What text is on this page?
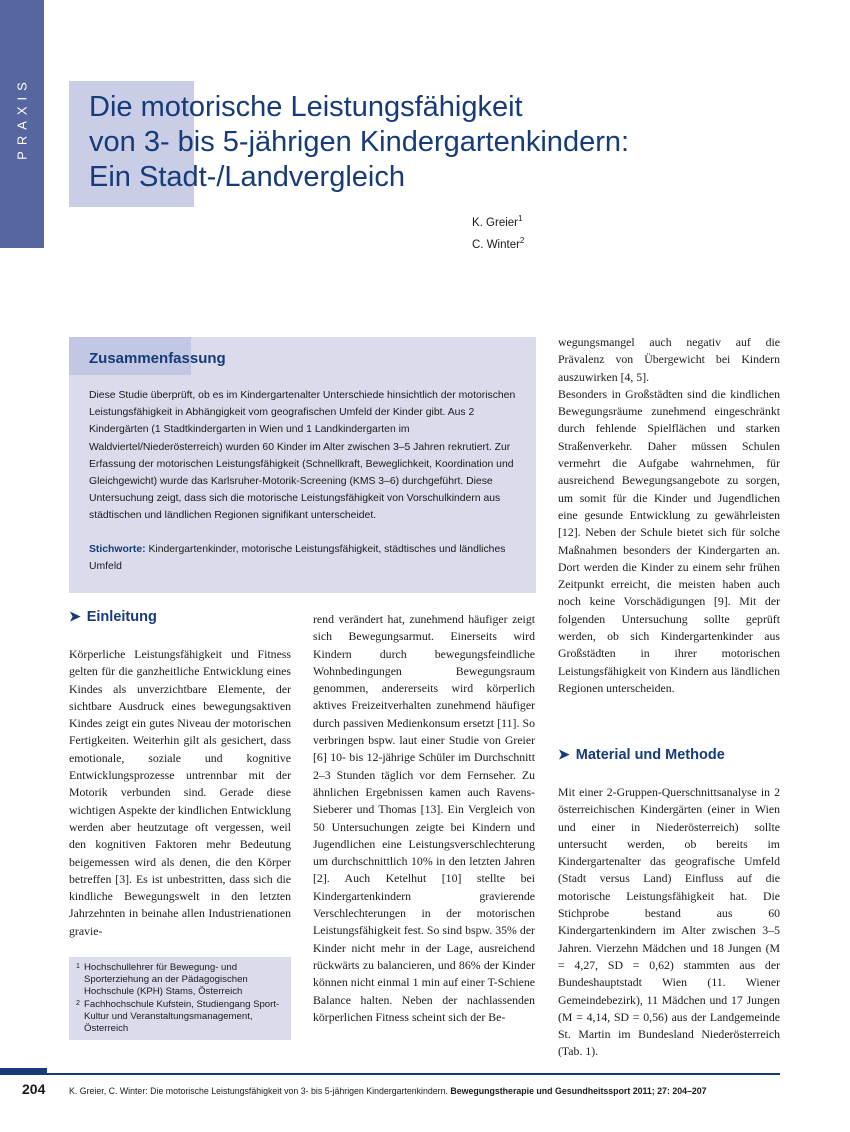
PRAXIS Die motorische Leistungsfähigkeit
von 3- bis 5-jährigen Kindergartenkindern:
Ein Stadt-/Landvergleich
K. Greier$^1$
C. Winter$^2$
Zusammenfassung
Diese Studie überprüft, ob es im Kindergartenalter Unterschiede hinsichtlich der motorischen Leistungsfähigkeit in Abhängigkeit vom geografischen Umfeld der Kinder gibt. Aus 2 Kindergärten (1 Stadtkindergarten in Wien und 1 Landkindergarten im Waldviertel/Niederösterreich) wurden 60 Kinder im Alter zwischen 3–5 Jahren rekrutiert. Zur Erfassung der motorischen Leistungsfähigkeit (Schnellkraft, Beweglichkeit, Koordination und Gleichgewicht) wurde das Karlsruher-Motorik-Screening (KMS 3–6) durchgeführt. Diese Untersuchung zeigt, dass sich die motorische Leistungsfähigkeit von Vorschulkindern aus städtischen und ländlichen Regionen signifikant unterscheidet.
Stichworte: Kindergartenkinder, motorische Leistungsfähigkeit, städtisches und ländliches Umfeld
➤ Einleitung

Körperliche Leistungsfähigkeit und Fitness gelten für die ganzheitliche Entwicklung eines Kindes als unverzichtbare Elemente, der sichtbare Ausdruck eines bewegungsaktiven Kindes zeigt ein gutes Niveau der motorischen Fertigkeiten. Weiterhin gilt als gesichert, dass emotionale, soziale und kognitive Entwicklungsprozesse untrennbar mit der Motorik verbunden sind. Gerade diese wichtigen Aspekte der kindlichen Entwicklung werden aber heutzutage oft vergessen, weil den kognitiven Faktoren mehr Bedeutung beigemessen wird als denen, die den Körper betreffen [3]. Es ist unbestritten, dass sich die kindliche Bewegungswelt in den letzten Jahrzehnten in beinahe allen Industrienationen gravie-

rend verändert hat, zunehmend häufiger zeigt sich Bewegungsarmut. Einerseits wird Kindern durch bewegungsfeindliche Wohnbedingungen Bewegungsraum genommen, andererseits wird körperlich aktives Freizeitverhalten zunehmend häufiger durch passiven Medienkonsum ersetzt [11]. So verbringen bspw. laut einer Studie von Greier [6] 10- bis 12-jährige Schüler im Durchschnitt 2–3 Stunden täglich vor dem Fernseher. Zu ähnlichen Ergebnissen kamen auch Ravens-Sieberer und Thomas [13]. Ein Vergleich von 50 Untersuchungen zeigte bei Kindern und Jugendlichen eine Leistungsverschlechterung um durchschnittlich 10% in den letzten Jahren [2]. Auch Ketelhut [10] stellte bei Kindergartenkindern gravierende Verschlechterungen in der motorischen Leistungsfähigkeit fest. So sind bspw. 35% der Kinder nicht mehr in der Lage, ausreichend rückwärts zu balancieren, und 86% der Kinder können nicht einmal 1 min auf einer T-Schiene Balance halten. Neben der nachlassenden körperlichen Fitness scheint sich der Be-

wegungsmangel auch negativ auf die Prävalenz von Übergewicht bei Kindern auszuwirken [4, 5].

Besonders in Großstädten sind die kindlichen Bewegungsräume zunehmend eingeschränkt durch fehlende Spielflächen und starken Straßenverkehr. Daher müssen Schulen vermehrt die Aufgabe wahrnehmen, für ausreichend Bewegungsangebote zu sorgen, um somit für die Kinder und Jugendlichen eine gesunde Entwicklung zu gewährleisten [12]. Neben der Schule bietet sich für solche Maßnahmen besonders der Kindergarten an. Dort werden die Kinder zu einem sehr frühen Zeitpunkt erreicht, die meisten haben auch noch keine Vorschädigungen [9]. Mit der folgenden Untersuchung sollte geprüft werden, ob sich Kindergartenkinder aus Großstädten in ihrer motorischen Leistungsfähigkeit von Kindern aus ländlichen Regionen unterscheiden.

➤ Material und Methode

Mit einer 2-Gruppen-Querschnittsanalyse in 2 österreichischen Kindergärten (einer in Wien und einer in Niederösterreich) sollte untersucht werden, ob bereits im Kindergartenalter das geografische Umfeld (Stadt versus Land) Einfluss auf die motorische Leistungsfähigkeit hat. Die Stichprobe bestand aus 60 Kindergartenkindern im Alter zwischen 3–5 Jahren. Vierzehn Mädchen und 18 Jungen (M = 4,27, SD = 0,62) stammten aus der Bundeshauptstadt Wien (11. Wiener Gemeindebezirk), 11 Mädchen und 17 Jungen (M = 4,14, SD = 0,56) aus der Landgemeinde St. Martin im Bundesland Niederösterreich (Tab. 1).

1 Hochschullehrer für Bewegung- und Sporterziehung an der Pädagogischen Hochschule (KPH) Stams, Österreich
2 Fachhochschule Kufstein, Studiengang Sport-Kultur und Veranstaltungsmanagement, Österreich
204	K. Greier, C. Winter: Die motorische Leistungsfähigkeit von 3- bis 5-jährigen Kindergartenkindern. Bewegungstherapie und Gesundheitssport 2011; 27: 204–207
